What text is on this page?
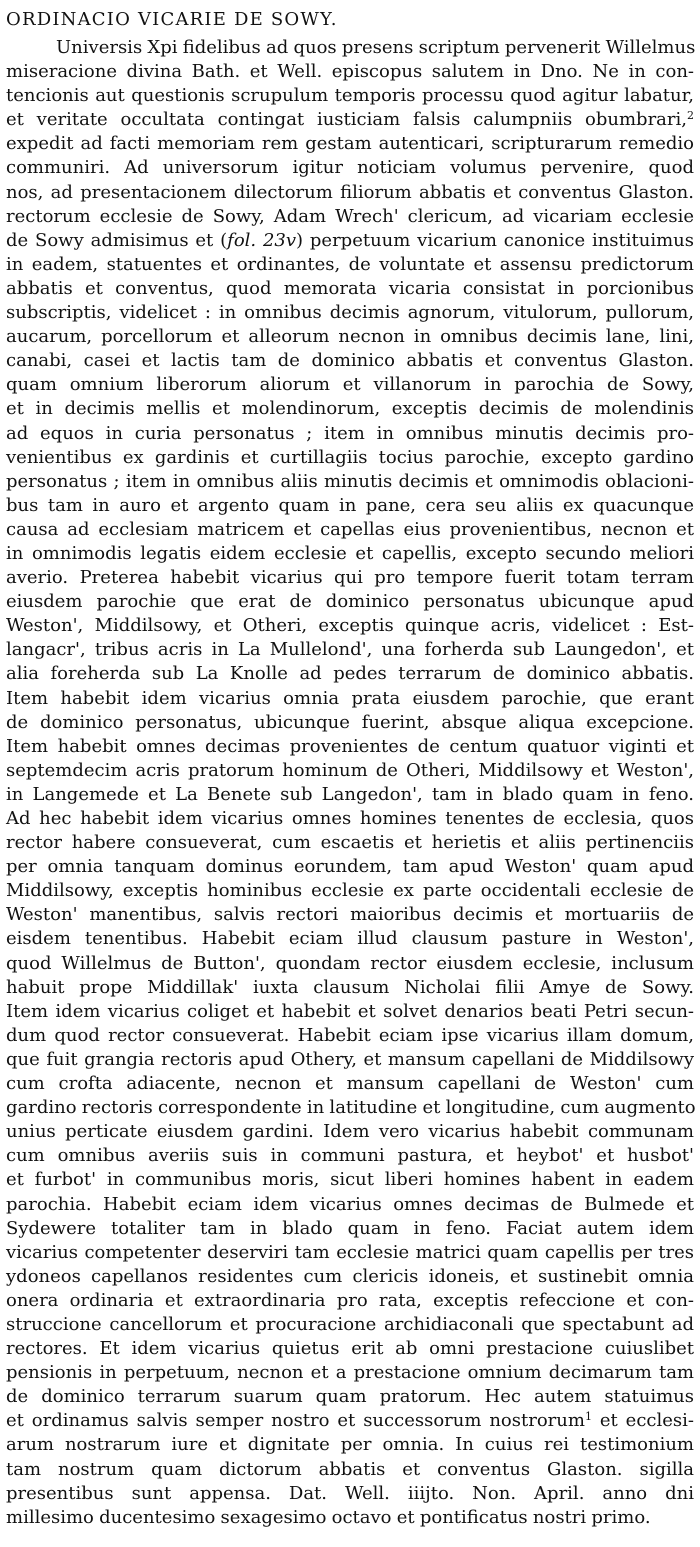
ORDINACIO VICARIE DE SOWY.
Universis Xpi fidelibus ad quos presens scriptum pervenerit Willelmus
miseracione divina Bath. et Well. episcopus salutem in Dno. Ne in con-
tencionis aut questionis scrupulum temporis processu quod agitur labatur,
et veritate occultata contingat iusticiam falsis calumpniis obumbrari,$^2$
expedit ad facti memoriam rem gestam autenticari, scripturarum remedio
communiri. Ad universorum igitur noticiam volumus pervenire, quod
nos, ad presentacionem dilectorum filiorum abbatis et conventus Glaston.
rectorum ecclesie de Sowy, Adam Wrech' clericum, ad vicariam ecclesie
de Sowy admisimus et (fol. 23v) perpetuum vicarium canonice instituimus
in eadem, statuentes et ordinantes, de voluntate et assensu predictorum
abbatis et conventus, quod memorata vicaria consistat in porcionibus
subscriptis, videlicet : in omnibus decimis agnorum, vitulorum, pullorum,
aucarum, porcellorum et alleorum necnon in omnibus decimis lane, lini,
canabi, casei et lactis tam de dominico abbatis et conventus Glaston.
quam omnium liberorum aliorum et villanorum in parochia de Sowy,
et in decimis mellis et molendinorum, exceptis decimis de molendinis
ad equos in curia personatus ; item in omnibus minutis decimis pro-
venientibus ex gardinis et curtillagiis tocius parochie, excepto gardino
personatus ; item in omnibus aliis minutis decimis et omnimodis oblacioni-
bus tam in auro et argento quam in pane, cera seu aliis ex quacunque
causa ad ecclesiam matricem et capellas eius provenientibus, necnon et
in omnimodis legatis eidem ecclesie et capellis, excepto secundo meliori
averio. Preterea habebit vicarius qui pro tempore fuerit totam terram
eiusdem parochie que erat de dominico personatus ubicunque apud
Weston', Middilsowy, et Otheri, exceptis quinque acris, videlicet : Est-
langacr', tribus acris in La Mullelond', una forherda sub Laungedon', et
alia foreherda sub La Knolle ad pedes terrarum de dominico abbatis.
Item habebit idem vicarius omnia prata eiusdem parochie, que erant
de dominico personatus, ubicunque fuerint, absque aliqua excepcione.
Item habebit omnes decimas provenientes de centum quatuor viginti et
septemdecim acris pratorum hominum de Otheri, Middilsowy et Weston',
in Langemede et La Benete sub Langedon', tam in blado quam in feno.
Ad hec habebit idem vicarius omnes homines tenentes de ecclesia, quos
rector habere consueverat, cum escaetis et herietis et aliis pertinenciis
per omnia tanquam dominus eorundem, tam apud Weston' quam apud
Middilsowy, exceptis hominibus ecclesie ex parte occidentali ecclesie de
Weston' manentibus, salvis rectori maioribus decimis et mortuariis de
eisdem tenentibus. Habebit eciam illud clausum pasture in Weston',
quod Willelmus de Button', quondam rector eiusdem ecclesie, inclusum
habuit prope Middillak' iuxta clausum Nicholai filii Amye de Sowy.
Item idem vicarius coliget et habebit et solvet denarios beati Petri secun-
dum quod rector consueverat. Habebit eciam ipse vicarius illam domum,
que fuit grangia rectoris apud Othery, et mansum capellani de Middilsowy
cum crofta adiacente, necnon et mansum capellani de Weston' cum
gardino rectoris correspondente in latitudine et longitudine, cum augmento
unius perticate eiusdem gardini. Idem vero vicarius habebit communam
cum omnibus averiis suis in communi pastura, et heybot' et husbot'
et furbot' in communibus moris, sicut liberi homines habent in eadem
parochia. Habebit eciam idem vicarius omnes decimas de Bulmede et
Sydewere totaliter tam in blado quam in feno. Faciat autem idem
vicarius competenter deserviri tam ecclesie matrici quam capellis per tres
ydoneos capellanos residentes cum clericis idoneis, et sustinebit omnia
onera ordinaria et extraordinaria pro rata, exceptis refeccione et con-
struccione cancellorum et procuracione archidiaconali que spectabunt ad
rectores. Et idem vicarius quietus erit ab omni prestacione cuiuslibet
pensionis in perpetuum, necnon et a prestacione omnium decimarum tam
de dominico terrarum suarum quam pratorum. Hec autem statuimus
et ordinamus salvis semper nostro et successorum nostrorum$^1$ et ecclesi-
arum nostrarum iure et dignitate per omnia. In cuius rei testimonium
tam nostrum quam dictorum abbatis et conventus Glaston. sigilla
presentibus sunt appensa. Dat. Well. iiijto. Non. April. anno dni
millesimo ducentesimo sexagesimo octavo et pontificatus nostri primo.
